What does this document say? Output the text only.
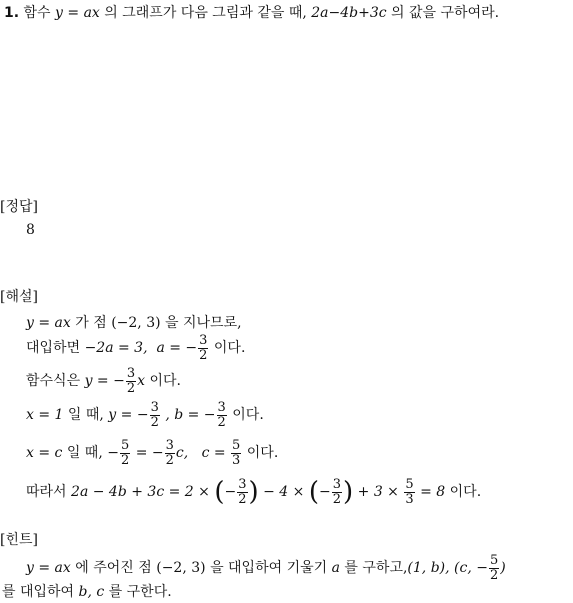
1. 함수 y = ax 의 그래프가 다음 그림과 같을 때, 2a−4b+3c 의 값을 구하여라.
[정답]
8
[해설]
y = ax 가 점 (−2, 3) 을 지나므로,
대입하면 −2a = 3, a = − $\frac{3}{2}$ 이다.
함수식은 y = − $\frac{3}{2}$ x 이다.
x = 1 일 때, y = − $\frac{3}{2}$ , b = − $\frac{3}{2}$ 이다.
x = c 일 때, − $\frac{5}{2}$ = − $\frac{3}{2} c$, $c = \frac{5}{3}$ 이다.
따라서 2a − 4b + 3c = 2 × (− $\frac{3}{2}$ ) − 4 × (− $\frac{3}{2}$ ) + $3 \times \frac{5}{3} = 8$ 이다.
[힌트]
y = ax 에 주어진 점 (−2, 3) 을 대입하여 기울기 a 를 구하고,(1, b), (c, − $\frac{5}{2}$ )
를 대입하여 b, c 를 구한다.
